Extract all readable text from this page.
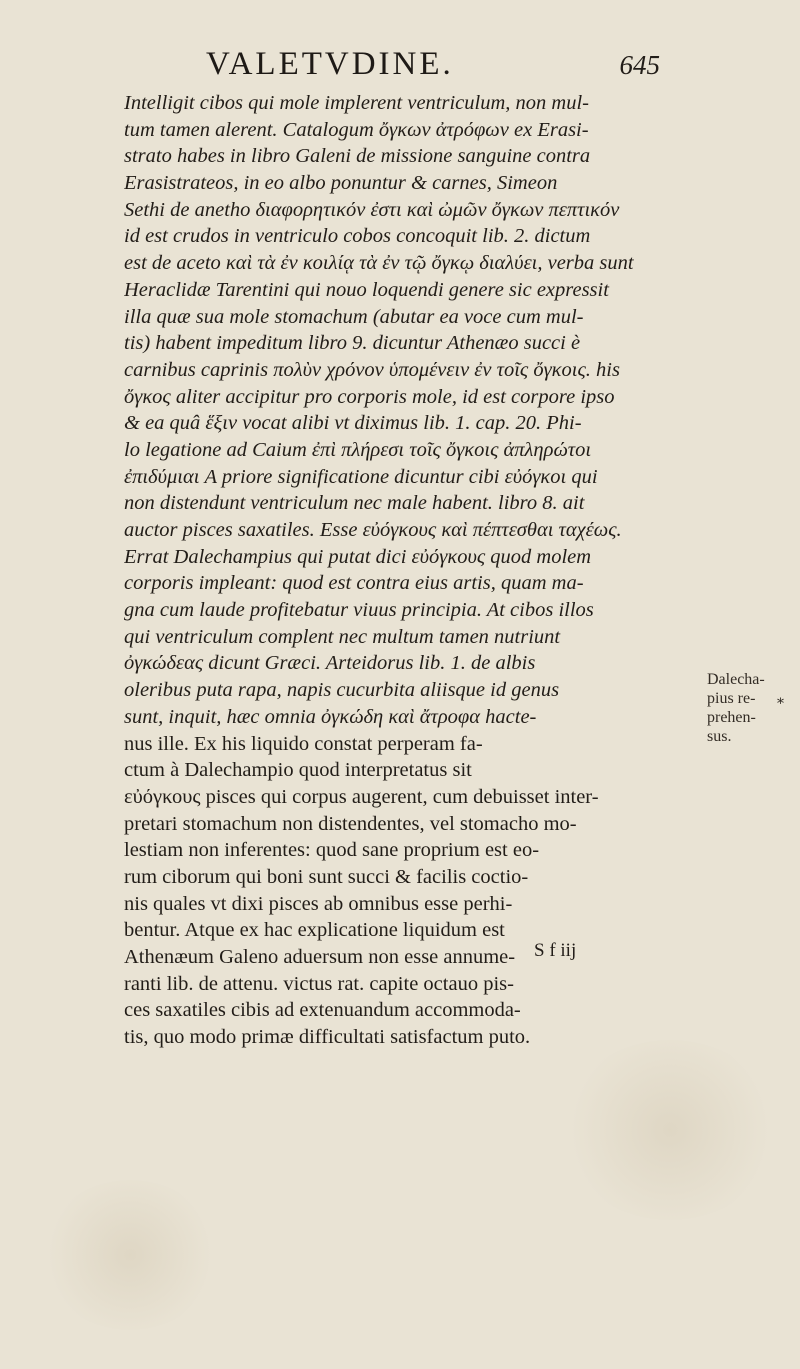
VALETVDINE.	645
Intelligit cibos qui mole implerent ventriculum, non mul-
tum tamen alerent. Catalogum ὄγκων ἀτρόφων ex Erasi-
strato habes in libro Galeni de missione sanguine contra
Erasistrateos, in eo albo ponuntur & carnes, Simeon
Sethi de anetho διαφορητικόν ἐστι καὶ ὠμῶν ὄγκων πεπτικόν
id est crudos in ventriculo cobos concoquit lib. 2. dictum
est de aceto καὶ τὰ ἐν κοιλίᾳ τὰ ἐν τῷ ὄγκῳ διαλύει, verba sunt
Heraclidæ Tarentini qui nouo loquendi genere sic expressit
illa quæ sua mole stomachum (abutar ea voce cum mul-
tis) habent impeditum libro 9. dicuntur Athenæo succi è
carnibus caprinis πολὺν χρόνον ὑπομένειν ἐν τοῖς ὄγκοις. his
ὄγκος aliter accipitur pro corporis mole, id est corpore ipso
& ea quâ ἕξιν vocat alibi vt diximus lib. 1. cap. 20. Phi-
lo legatione ad Caium ἐπὶ πλήρεσι τοῖς ὄγκοις ἀπληρώτοι
ἐπιδύμιαι A priore significatione dicuntur cibi εὐόγκοι qui
non distendunt ventriculum nec male habent. libro 8. ait
auctor pisces saxatiles. Esse εὐόγκους καὶ πέπτεσθαι ταχέως.
Errat Dalechampius qui putat dici εὐόγκους quod molem
corporis impleant: quod est contra eius artis, quam ma-
gna cum laude profitebatur viuus principia. At cibos illos
qui ventriculum complent nec multum tamen nutriunt
ὀγκώδεας dicunt Græci. Arteidorus lib. 1. de albis
oleribus puta rapa, napis cucurbita aliisque id genus
sunt, inquit, hæc omnia ὀγκώδη καὶ ἄτροφα hacte-
nus ille. Ex his liquido constat perperam fa-
ctum à Dalechampio quod interpretatus sit
εὐόγκους pisces qui corpus augerent, cum debuisset inter-
pretari stomachum non distendentes, vel stomacho mo-
lestiam non inferentes: quod sane proprium est eo-
rum ciborum qui boni sunt succi & facilis coctio-
nis quales vt dixi pisces ab omnibus esse perhi-
bentur. Atque ex hac explicatione liquidum est
Athenæum Galeno aduersum non esse annume-
ranti lib. de attenu. victus rat. capite octauo pis-
ces saxatiles cibis ad extenuandum accommoda-
tis, quo modo primæ difficultati satisfactum puto.
S f iij
Dalecha-
pius re-
prehen-
sus.
*
